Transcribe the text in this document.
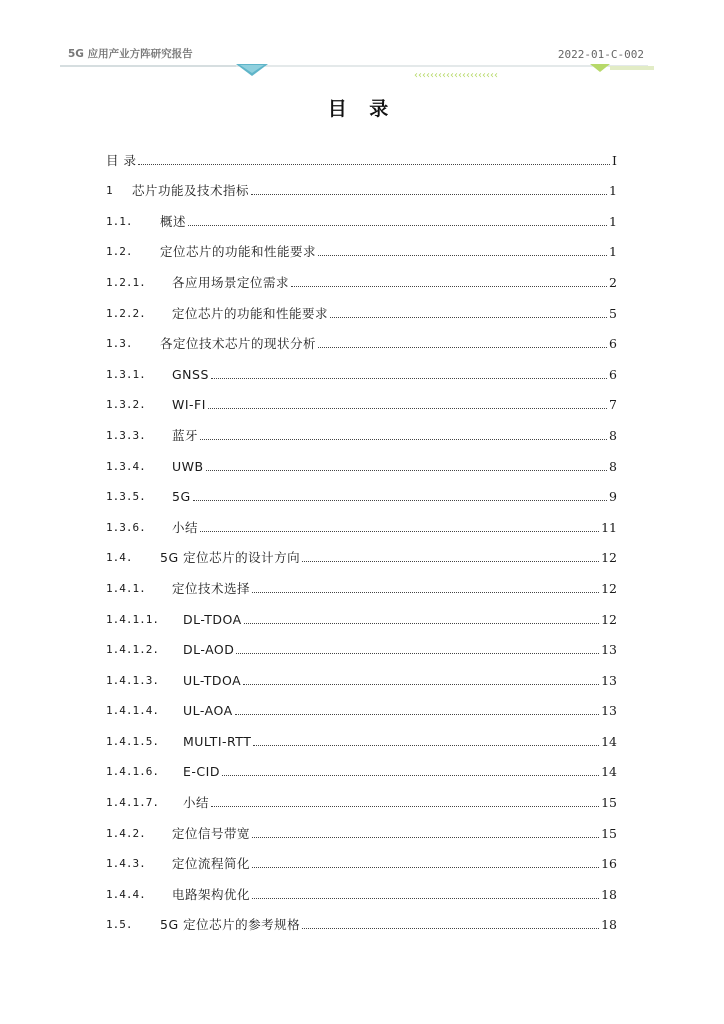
5G 应用产业方阵研究报告	2022-01-C-002
‹‹‹‹‹‹‹‹‹‹‹‹‹‹‹‹‹‹‹‹‹
目 录
目 录	I
1	芯片功能及技术指标	1
1.1.	概述	1
1.2.	定位芯片的功能和性能要求	1
1.2.1.	各应用场景定位需求	2
1.2.2.	定位芯片的功能和性能要求	5
1.3.	各定位技术芯片的现状分析	6
1.3.1.	GNSS	6
1.3.2.	WI-FI	7
1.3.3.	蓝牙	8
1.3.4.	UWB	8
1.3.5.	5G	9
1.3.6.	小结	11
1.4.	5G 定位芯片的设计方向	12
1.4.1.	定位技术选择	12
1.4.1.1.	DL-TDOA	12
1.4.1.2.	DL-AOD	13
1.4.1.3.	UL-TDOA	13
1.4.1.4.	UL-AOA	13
1.4.1.5.	MULTI-RTT	14
1.4.1.6.	E-CID	14
1.4.1.7.	小结	15
1.4.2.	定位信号带宽	15
1.4.3.	定位流程简化	16
1.4.4.	电路架构优化	18
1.5.	5G 定位芯片的参考规格	18
